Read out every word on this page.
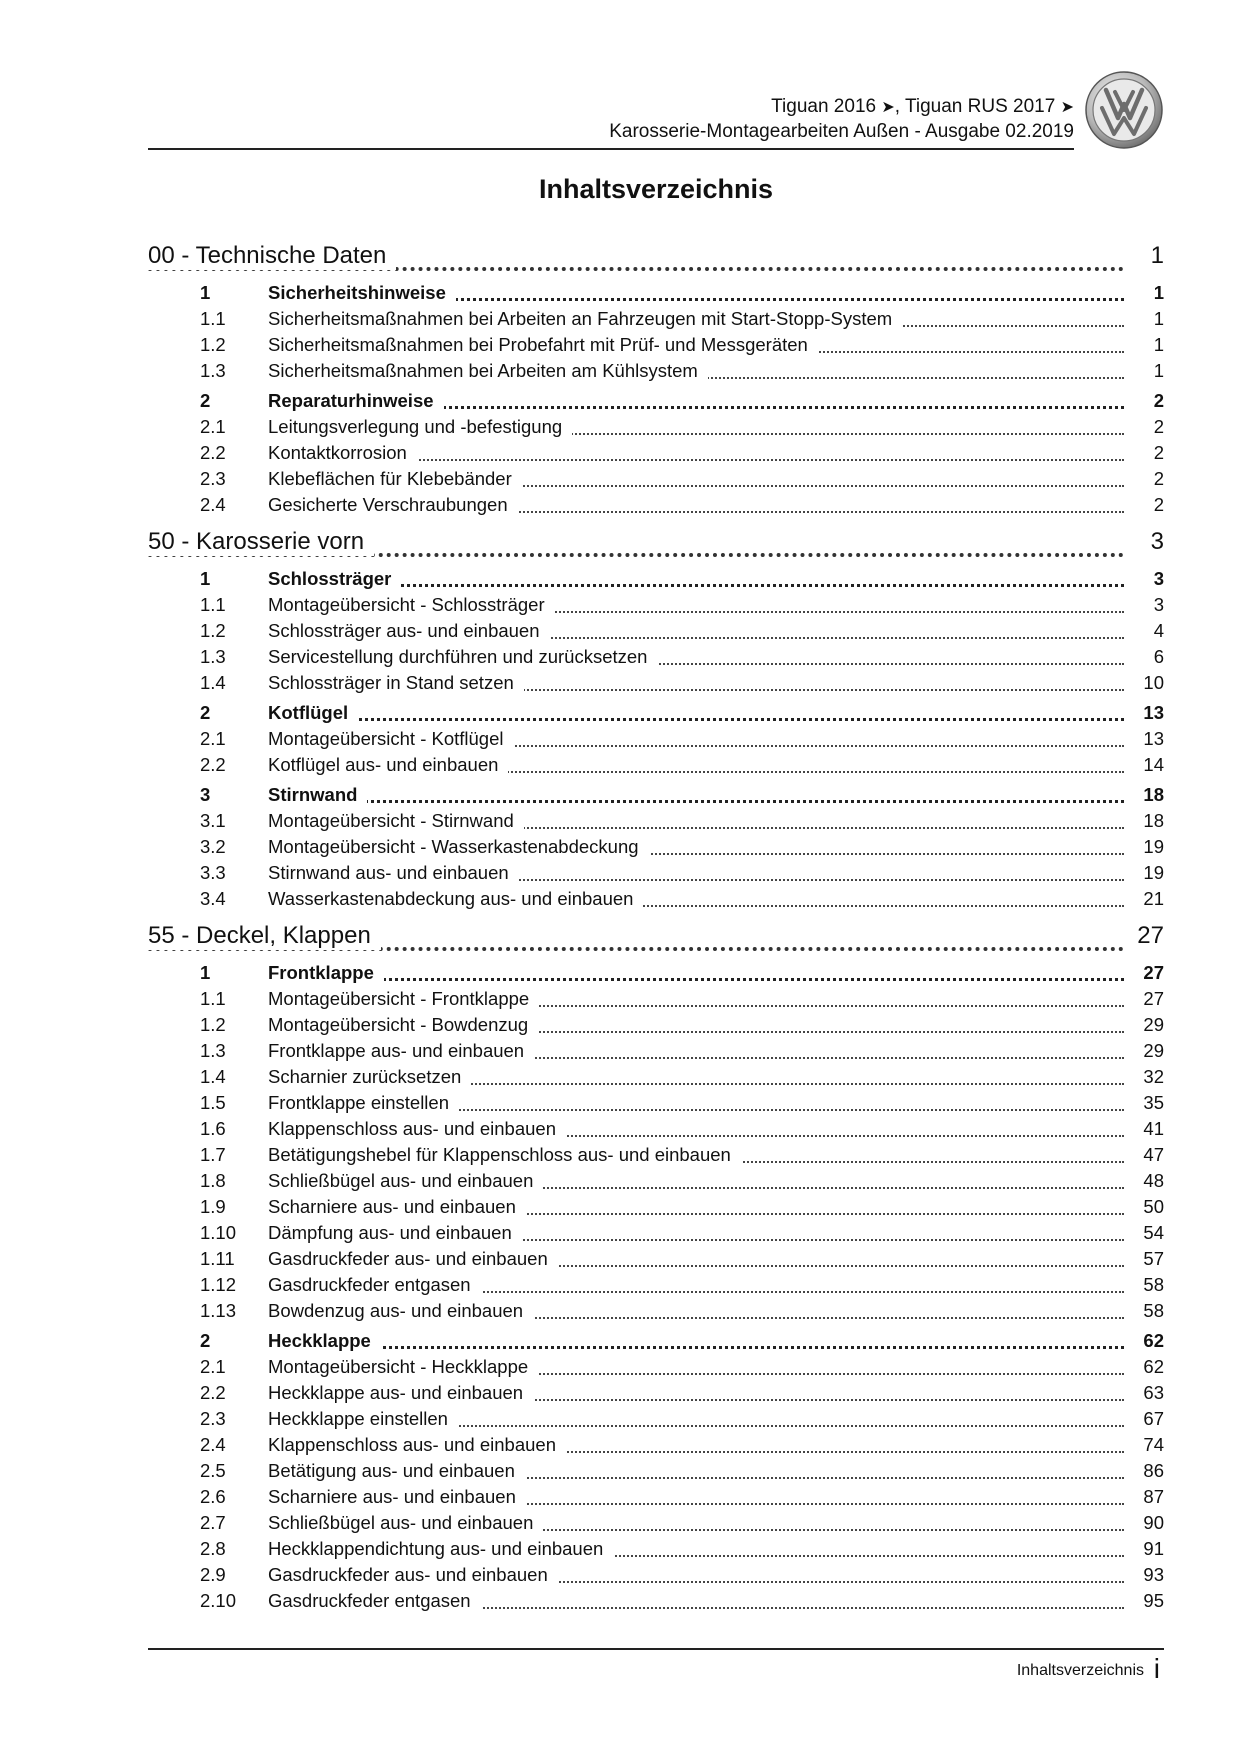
Tiguan 2016 ➤, Tiguan RUS 2017 ➤
Karosserie-Montagearbeiten Außen - Ausgabe 02.2019
Inhaltsverzeichnis
00 - Technische Daten	1
1	Sicherheitshinweise	1
1.1 Sicherheitsmaßnahmen bei Arbeiten an Fahrzeugen mit Start-Stopp-System	1
1.2 Sicherheitsmaßnahmen bei Probefahrt mit Prüf- und Messgeräten	1
1.3 Sicherheitsmaßnahmen bei Arbeiten am Kühlsystem	1
2	Reparaturhinweise	2
2.1 Leitungsverlegung und -befestigung	2
2.2 Kontaktkorrosion	2
2.3 Klebeflächen für Klebebänder	2
2.4 Gesicherte Verschraubungen	2
50 - Karosserie vorn	3
1	Schlossträger	3
1.1 Montageübersicht - Schlossträger	3
1.2 Schlossträger aus- und einbauen	4
1.3 Servicestellung durchführen und zurücksetzen	6
1.4 Schlossträger in Stand setzen	10
2	Kotflügel	13
2.1 Montageübersicht - Kotflügel	13
2.2 Kotflügel aus- und einbauen	14
3	Stirnwand	18
3.1 Montageübersicht - Stirnwand	18
3.2 Montageübersicht - Wasserkastenabdeckung	19
3.3 Stirnwand aus- und einbauen	19
3.4 Wasserkastenabdeckung aus- und einbauen	21
55 - Deckel, Klappen	27
1	Frontklappe	27
1.1 Montageübersicht - Frontklappe	27
1.2 Montageübersicht - Bowdenzug	29
1.3 Frontklappe aus- und einbauen	29
1.4 Scharnier zurücksetzen	32
1.5 Frontklappe einstellen	35
1.6 Klappenschloss aus- und einbauen	41
1.7 Betätigungshebel für Klappenschloss aus- und einbauen	47
1.8 Schließbügel aus- und einbauen	48
1.9 Scharniere aus- und einbauen	50
1.10 Dämpfung aus- und einbauen	54
1.11 Gasdruckfeder aus- und einbauen	57
1.12 Gasdruckfeder entgasen	58
1.13 Bowdenzug aus- und einbauen	58
2	Heckklappe	62
2.1 Montageübersicht - Heckklappe	62
2.2 Heckklappe aus- und einbauen	63
2.3 Heckklappe einstellen	67
2.4 Klappenschloss aus- und einbauen	74
2.5 Betätigung aus- und einbauen	86
2.6 Scharniere aus- und einbauen	87
2.7 Schließbügel aus- und einbauen	90
2.8 Heckklappendichtung aus- und einbauen	91
2.9 Gasdruckfeder aus- und einbauen	93
2.10 Gasdruckfeder entgasen	95
Inhaltsverzeichnis i
